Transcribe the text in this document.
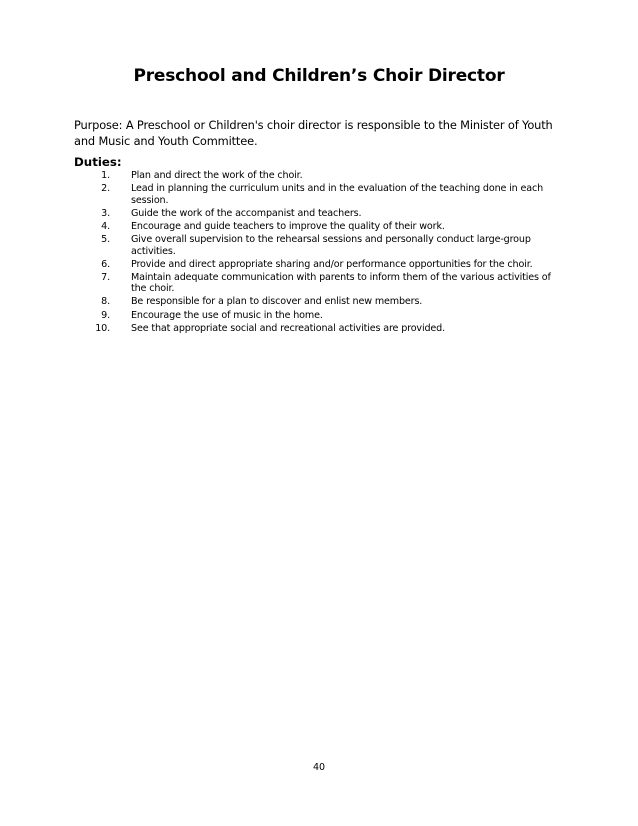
Preschool and Children’s Choir Director
Purpose: A Preschool or Children's choir director is responsible to the Minister of Youth and Music and Youth Committee.
Duties:
1. Plan and direct the work of the choir.
2. Lead in planning the curriculum units and in the evaluation of the teaching done in each session.
3. Guide the work of the accompanist and teachers.
4. Encourage and guide teachers to improve the quality of their work.
5. Give overall supervision to the rehearsal sessions and personally conduct large-group activities.
6. Provide and direct appropriate sharing and/or performance opportunities for the choir.
7. Maintain adequate communication with parents to inform them of the various activities of the choir.
8. Be responsible for a plan to discover and enlist new members.
9. Encourage the use of music in the home.
10. See that appropriate social and recreational activities are provided.
40
